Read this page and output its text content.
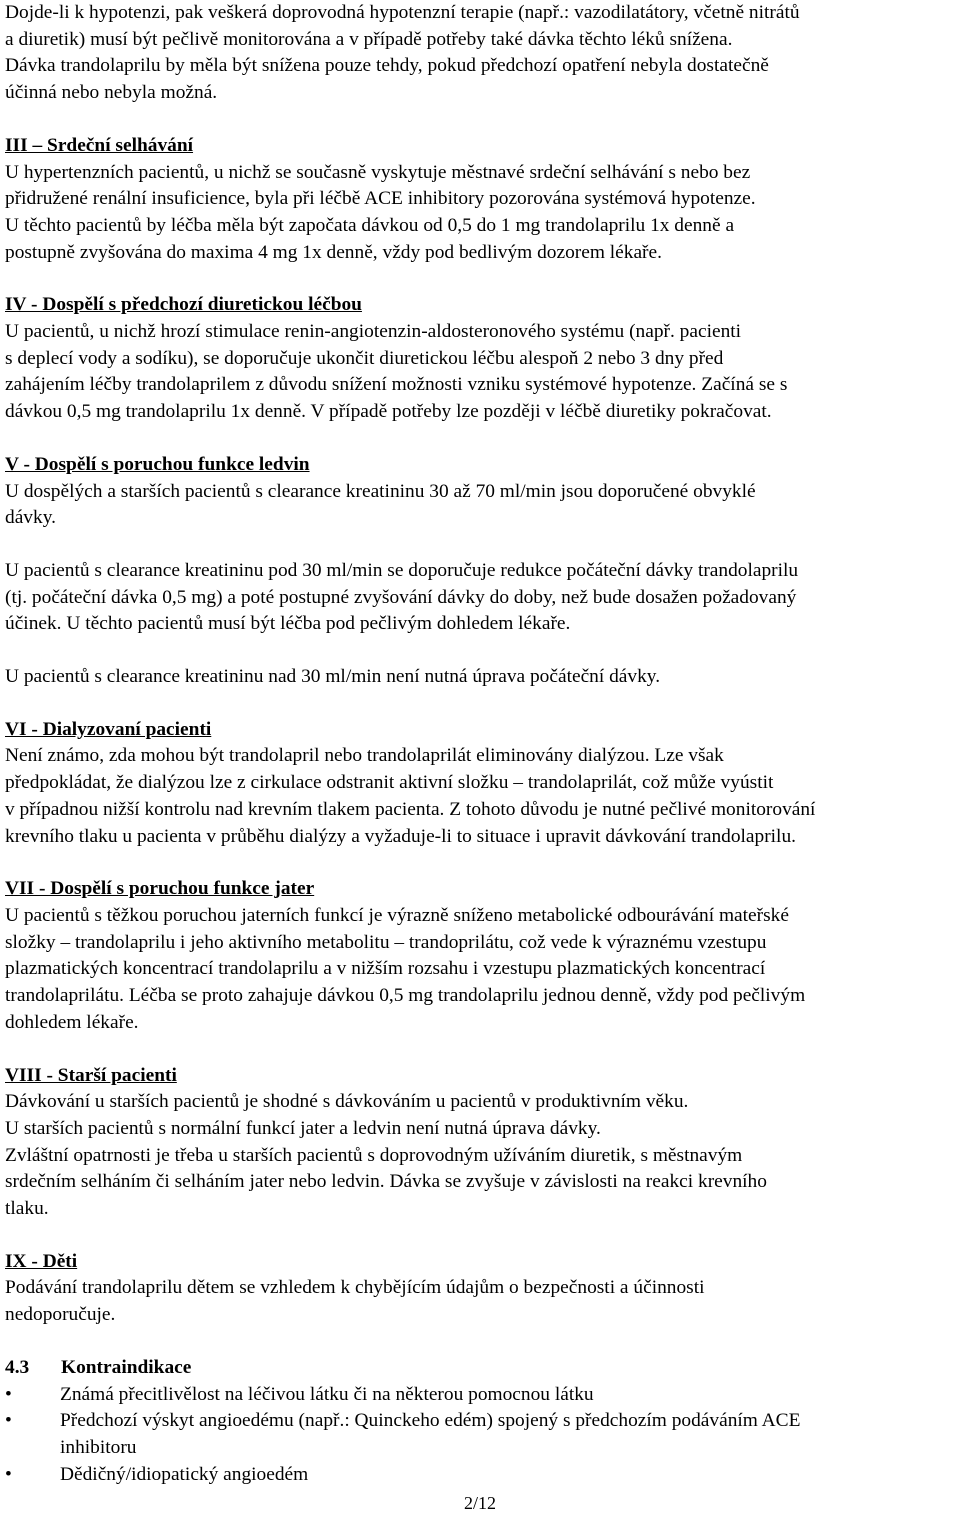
Dojde-li k hypotenzi, pak veškerá doprovodná hypotenzní terapie (např.: vazodilatátory, včetně nitrátů

a diuretik) musí být pečlivě monitorována a v případě potřeby také dávka těchto léků snížena.

Dávka trandolaprilu by měla být snížena pouze tehdy, pokud předchozí opatření nebyla dostatečně

účinná nebo nebyla možná.

III – Srdeční selhávání

U hypertenzních pacientů, u nichž se současně vyskytuje městnavé srdeční selhávání s nebo bez

přidružené renální insuficience, byla při léčbě ACE inhibitory pozorována systémová hypotenze.

U těchto pacientů by léčba měla být započata dávkou od 0,5 do 1 mg trandolaprilu 1x denně a

postupně zvyšována do maxima 4 mg 1x denně, vždy pod bedlivým dozorem lékaře.

IV - Dospělí s předchozí diuretickou léčbou

U pacientů, u nichž hrozí stimulace renin-angiotenzin-aldosteronového systému (např. pacienti

s deplecí vody a sodíku), se doporučuje ukončit diuretickou léčbu alespoň 2 nebo 3 dny před

zahájením léčby trandolaprilem z důvodu snížení možnosti vzniku systémové hypotenze. Začíná se s

dávkou 0,5 mg trandolaprilu 1x denně. V případě potřeby lze později v léčbě diuretiky pokračovat.

V - Dospělí s poruchou funkce ledvin

U dospělých a starších pacientů s clearance kreatininu 30 až 70 ml/min jsou doporučené obvyklé

dávky.

U pacientů s clearance kreatininu pod 30 ml/min se doporučuje redukce počáteční dávky trandolaprilu

(tj. počáteční dávka 0,5 mg) a poté postupné zvyšování dávky do doby, než bude dosažen požadovaný

účinek. U těchto pacientů musí být léčba pod pečlivým dohledem lékaře.

U pacientů s clearance kreatininu nad 30 ml/min není nutná úprava počáteční dávky.

VI - Dialyzovaní pacienti

Není známo, zda mohou být trandolapril nebo trandolaprilát eliminovány dialýzou. Lze však

předpokládat, že dialýzou lze z cirkulace odstranit aktivní složku – trandolaprilát, což může vyústit

v případnou nižší kontrolu nad krevním tlakem pacienta. Z tohoto důvodu je nutné pečlivé monitorování

krevního tlaku u pacienta v průběhu dialýzy a vyžaduje-li to situace i upravit dávkování trandolaprilu.

VII - Dospělí s poruchou funkce jater

U pacientů s těžkou poruchou jaterních funkcí je výrazně sníženo metabolické odbourávání mateřské

složky – trandolaprilu i jeho aktivního metabolitu – trandoprilátu, což vede k výraznému vzestupu

plazmatických koncentrací trandolaprilu a v nižším rozsahu i vzestupu plazmatických koncentrací

trandolaprilátu. Léčba se proto zahajuje dávkou 0,5 mg trandolaprilu jednou denně, vždy pod pečlivým

dohledem lékaře.

VIII - Starší pacienti

Dávkování u starších pacientů je shodné s dávkováním u pacientů v produktivním věku.

U starších pacientů s normální funkcí jater a ledvin není nutná úprava dávky.

Zvláštní opatrnosti je třeba u starších pacientů s doprovodným užíváním diuretik, s městnavým

srdečním selháním či selháním jater nebo ledvin. Dávka se zvyšuje v závislosti na reakci krevního

tlaku.

IX - Děti

Podávání trandolaprilu dětem se vzhledem k chybějícím údajům o bezpečnosti a účinnosti

nedoporučuje.

4.3	Kontraindikace

•	Známá přecitlivělost na léčivou látku či na některou pomocnou látku
•	Předchozí výskyt angioedému (např.: Quinckeho edém) spojený s předchozím podáváním ACE
inhibitoru
•	Dědičný/idiopatický angioedém
2/12
